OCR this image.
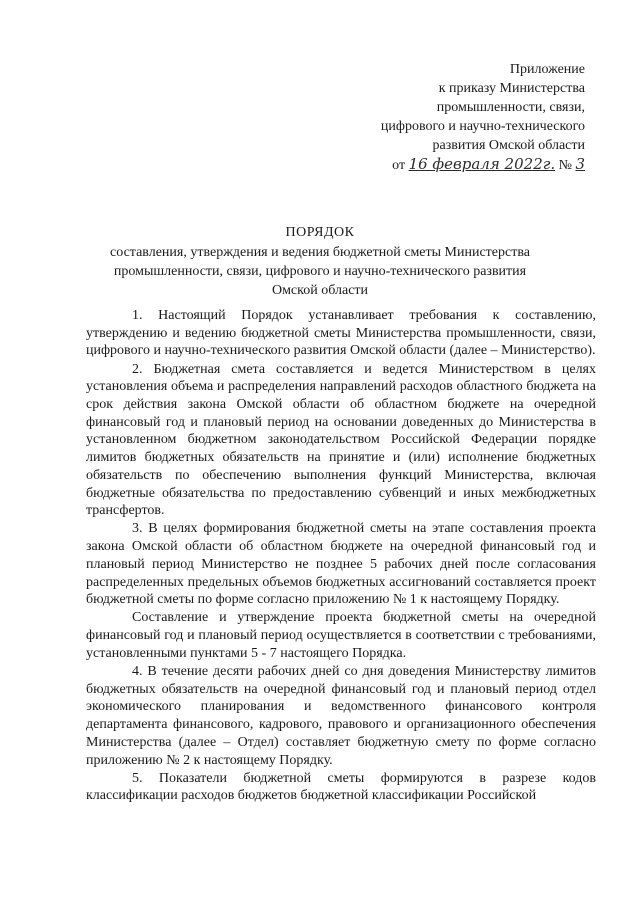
Приложение
к приказу Министерства
промышленности, связи,
цифрового и научно-технического
развития Омской области
от 16 февраля 2022г. № 3
ПОРЯДОК
составления, утверждения и ведения бюджетной сметы Министерства
промышленности, связи, цифрового и научно-технического развития
Омской области

1. Настоящий Порядок устанавливает требования к составлению, утверждению и ведению бюджетной сметы Министерства промышленности, связи, цифрового и научно-технического развития Омской области (далее – Министерство).

2. Бюджетная смета составляется и ведется Министерством в целях установления объема и распределения направлений расходов областного бюджета на срок действия закона Омской области об областном бюджете на очередной финансовый год и плановый период на основании доведенных до Министерства в установленном бюджетном законодательством Российской Федерации порядке лимитов бюджетных обязательств на принятие и (или) исполнение бюджетных обязательств по обеспечению выполнения функций Министерства, включая бюджетные обязательства по предоставлению субвенций и иных межбюджетных трансфертов.

3. В целях формирования бюджетной сметы на этапе составления проекта закона Омской области об областном бюджете на очередной финансовый год и плановый период Министерство не позднее 5 рабочих дней после согласования распределенных предельных объемов бюджетных ассигнований составляется проект бюджетной сметы по форме согласно приложению № 1 к настоящему Порядку.

Составление и утверждение проекта бюджетной сметы на очередной финансовый год и плановый период осуществляется в соответствии с требованиями, установленными пунктами 5 - 7 настоящего Порядка.

4. В течение десяти рабочих дней со дня доведения Министерству лимитов бюджетных обязательств на очередной финансовый год и плановый период отдел экономического планирования и ведомственного финансового контроля департамента финансового, кадрового, правового и организационного обеспечения Министерства (далее – Отдел) составляет бюджетную смету по форме согласно приложению № 2 к настоящему Порядку.

5. Показатели бюджетной сметы формируются в разрезе кодов классификации расходов бюджетов бюджетной классификации Российской
